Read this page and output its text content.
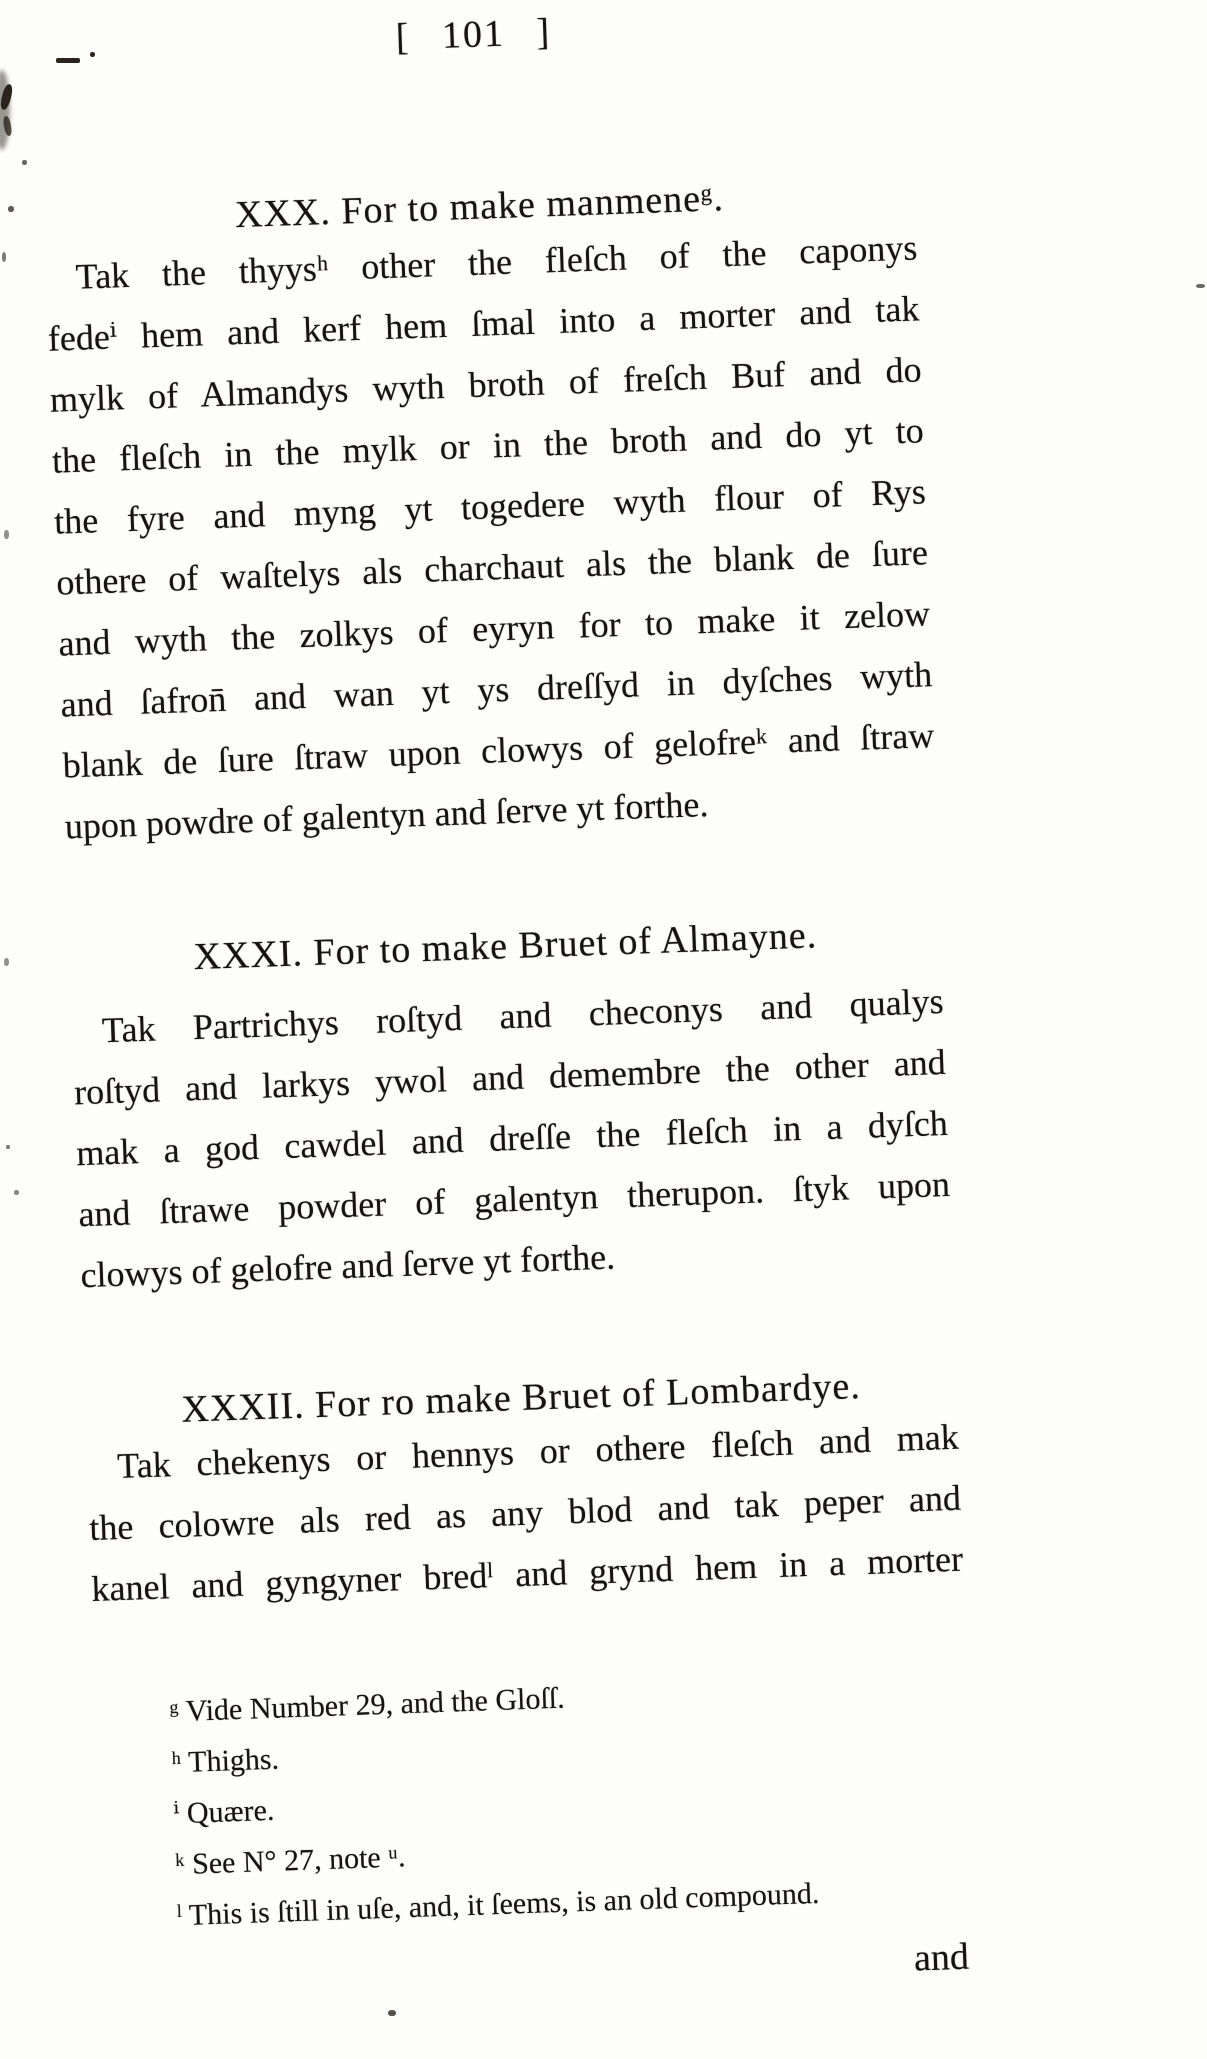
[ 101 ]
XXX. For to make manmeneᵍ.
Tak the thyysʰ other the fleſch of the caponys
fedeⁱ hem and kerf hem ſmal into a morter and tak
mylk of Almandys wyth broth of freſch Buf and do
the fleſch in the mylk or in the broth and do yt to
the fyre and myng yt togedere wyth flour of Rys
othere of waſtelys als charchaut als the blank de ſure
and wyth the zolkys of eyryn for to make it zelow
and ſafron̄ and wan yt ys dreſſyd in dyſches wyth
blank de ſure ſtraw upon clowys of gelofreᵏ and ſtraw
upon powdre of galentyn and ſerve yt forthe.
XXXI. For to make Bruet of Almayne.
Tak Partrichys roſtyd and checonys and qualys
roſtyd and larkys ywol and demembre the other and
mak a god cawdel and dreſſe the fleſch in a dyſch
and ſtrawe powder of galentyn therupon. ſtyk upon
clowys of gelofre and ſerve yt forthe.
XXXII. For ro make Bruet of Lombardye.
Tak chekenys or hennys or othere fleſch and mak
the colowre als red as any blod and tak peper and
kanel and gyngyner bredˡ and grynd hem in a morter
ᵍ Vide Number 29, and the Gloſſ.
ʰ Thighs.
ⁱ Quære.
ᵏ See N° 27, note ᵘ.
ˡ This is ſtill in uſe, and, it ſeems, is an old compound.
and
